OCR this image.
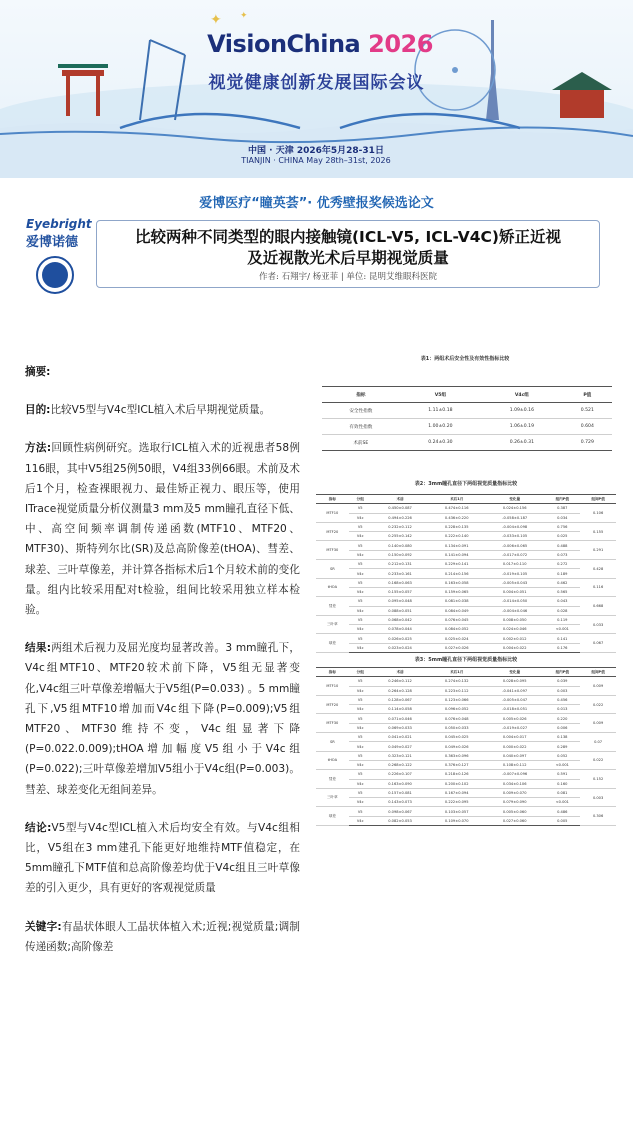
✦ ✦
VisionChina 2026
视觉健康创新发展国际会议
中国 · 天津 2026年5月28-31日
TIANJIN · CHINA May 28th–31st, 2026
爱博医疗“瞳英荟”· 优秀壁报奖候选论文
Eyebright
爱博诺德	比较两种不同类型的眼内接触镜(ICL-V5, ICL-V4C)矫正近视
及近视散光术后早期视觉质量
作者: 石翔宇/ 杨亚菲 | 单位: 昆明艾维眼科医院

摘要:

目的:比较V5型与V4c型ICL植入术后早期视觉质量。

方法:回顾性病例研究。选取行ICL植入术的近视患者58例116眼，其中V5组25例50眼，V4组33例66眼。术前及术后1个月，检查裸眼视力、最佳矫正视力、眼压等，使用ITrace视觉质量分析仪测量3 mm及5 mm瞳孔直径下低、中、高空间频率调制传递函数(MTF10、MTF20、MTF30)、斯特列尔比(SR)及总高阶像差(tHOA)、彗差、球差、三叶草像差，并计算各指标术后1个月较术前的变化量。组内比较采用配对t检验，组间比较采用独立样本检验。

结果:两组术后视力及屈光度均显著改善。3 mm瞳孔下，V4c组MTF10、MTF20较术前下降，V5组无显著变化,V4c组三叶草像差增幅大于V5组(P=0.033) 。5 mm瞳孔下,V5组MTF10增加而V4c组下降(P=0.009);V5组MTF20、MTF30维持不变，V4c组显著下降(P=0.022.0.009);tHOA增加幅度V5组小于V4c组(P=0.022);三叶草像差增加V5组小于V4c组(P=0.003)。彗差、球差变化无组间差异。

结论:V5型与V4c型ICL植入术后均安全有效。与V4c组相比，V5组在3 mm建孔下能更好地维持MTF值稳定，在5mm瞳孔下MTF值和总高阶像差均优于V4c组且三叶草像差的引入更少，具有更好的客观视觉质量

关键字:有晶状体眼人工晶状体植入术;近视;视觉质量;调制传递函数;高阶像差

表1：两组术后安全性及有效性指标比较
指标	V5组	V4c组	P值
安全性指数	1.11±0.18	1.09±0.16	0.521
有效性指数	1.00±0.20	1.06±0.19	0.604
术前SE	0.24±0.30	0.26±0.31	0.729
表2：3mm瞳孔直径下两组视觉质量指标比较
指标	分组	术前	术后1月	变化量	组内P值	组间P值
MTF10	V5	0.450±0.087	0.474±0.116	0.024±0.156	0.387	0.106
	V4c	0.494±0.226	0.436±0.220	-0.058±0.187	0.034	
MTF20	V5	0.232±0.112	0.228±0.135	-0.004±0.098	0.756	0.155
	V4c	0.255±0.142	0.222±0.140	-0.033±0.105	0.025	
MTF30	V5	0.140±0.080	0.134±0.091	-0.006±0.065	0.488	0.291
	V4c	0.150±0.092	0.141±0.094	-0.017±0.072	0.073	
SR	V5	0.212±0.131	0.229±0.141	0.017±0.110	0.272	0.428
	V4c	0.233±0.161	0.214±0.156	-0.019±0.105	0.189	
tHOA	V5	0.168±0.063	0.163±0.058	-0.005±0.043	0.462	0.116
	V4c	0.155±0.057	0.159±0.065	0.004±0.051	0.565	
彗差	V5	0.095±0.048	0.081±0.038	-0.014±0.050	0.043	0.668
	V4c	0.088±0.051	0.084±0.049	-0.004±0.046	0.028	
三叶草	V5	0.068±0.042	0.076±0.045	0.008±0.050	0.119	0.033
	V4c	0.078±0.044	0.084±0.052	0.024±0.046	<0.001	
球差	V5	0.026±0.025	0.025±0.024	0.002±0.012	0.141	0.067
	V4c	0.023±0.024	0.027±0.026	0.004±0.022	0.176	
表3：5mm瞳孔直径下两组视觉质量指标比较
指标	分组	术前	术后1月	变化量	组内P值	组间P值
MTF10	V5	0.246±0.112	0.274±0.132	0.028±0.095	0.039	0.009
	V4c	0.264±0.128	0.223±0.112	-0.041±0.097	0.003	
MTF20	V5	0.128±0.067	0.123±0.066	-0.005±0.047	0.456	0.022
	V4c	0.114±0.058	0.096±0.052	-0.018±0.051	0.013	
MTF30	V5	0.071±0.046	0.076±0.048	0.005±0.026	0.220	0.009
	V4c	0.069±0.033	0.050±0.033	-0.019±0.027	0.006	
SR	V5	0.041±0.021	0.045±0.025	0.004±0.017	0.138	0.07
	V4c	0.049±0.027	0.049±0.026	0.000±0.022	0.289	
tHOA	V5	0.323±0.121	0.363±0.096	0.040±0.097	0.052	0.022
	V4c	0.268±0.122	0.376±0.127	0.108±0.112	<0.001	
彗差	V5	0.226±0.107	0.218±0.126	-0.007±0.096	0.591	0.152
	V4c	0.163±0.090	0.200±0.102	0.034±0.106	0.160	
三叶草	V5	0.157±0.081	0.167±0.094	0.009±0.070	0.081	0.003
	V4c	0.143±0.073	0.222±0.095	0.079±0.090	<0.001	
球差	V5	0.098±0.067	0.103±0.057	0.005±0.060	0.486	0.306
	V4c	0.082±0.053	0.109±0.070	0.027±0.060	0.005	
